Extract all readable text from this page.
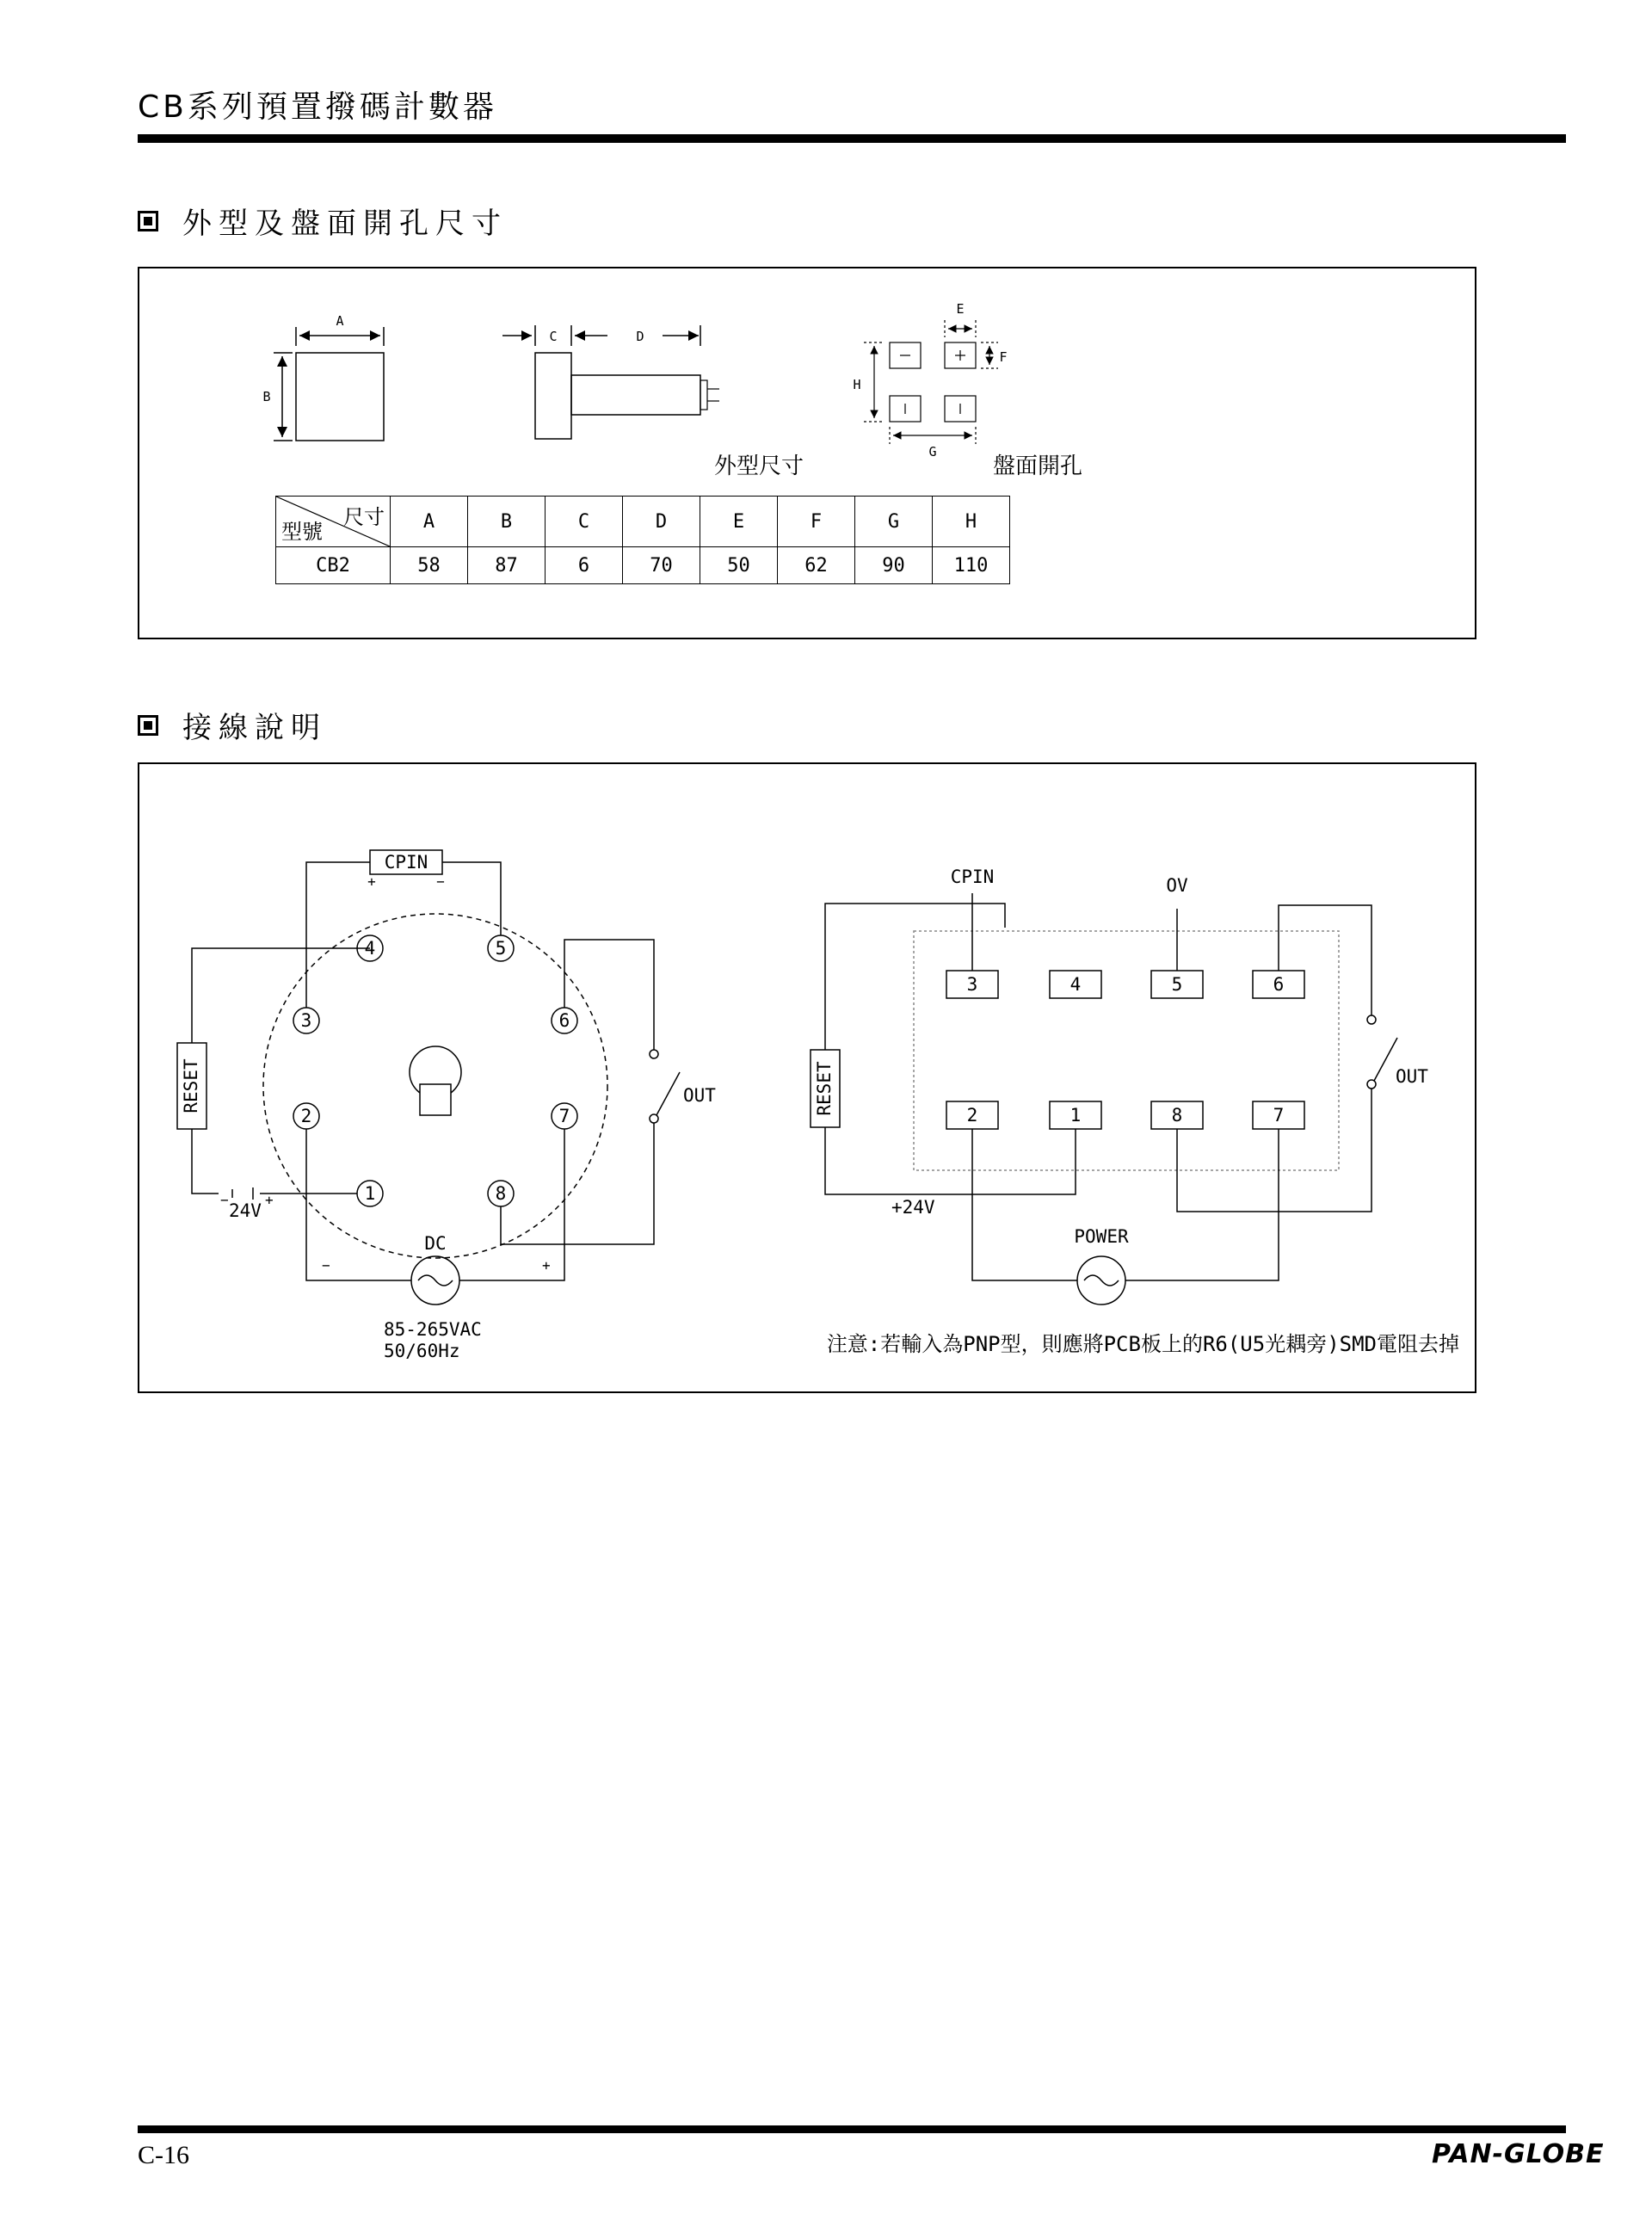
CB系列預置撥碼計數器
外型及盤面開孔尺寸
A
B
C	D
E
F
G
H
外型尺寸	盤面開孔
尺寸
型號	A	B	C	D	E	F	G	H
CB2	58	87	6	70	50	62	90	110
接線說明
CPIN
+	−
RESET	OUT
1
2
3
4	5
6
7
8
−
24V
+
DC
−	+
85-265VAC
50/60Hz
CPIN	OV
RESET	OUT
3	4	5	6
2	1	8	7
+24V
POWER
注意:若輸入為PNP型，則應將PCB板上的R6(U5光耦旁)SMD電阻去掉
C-16	PAN-GLOBE
